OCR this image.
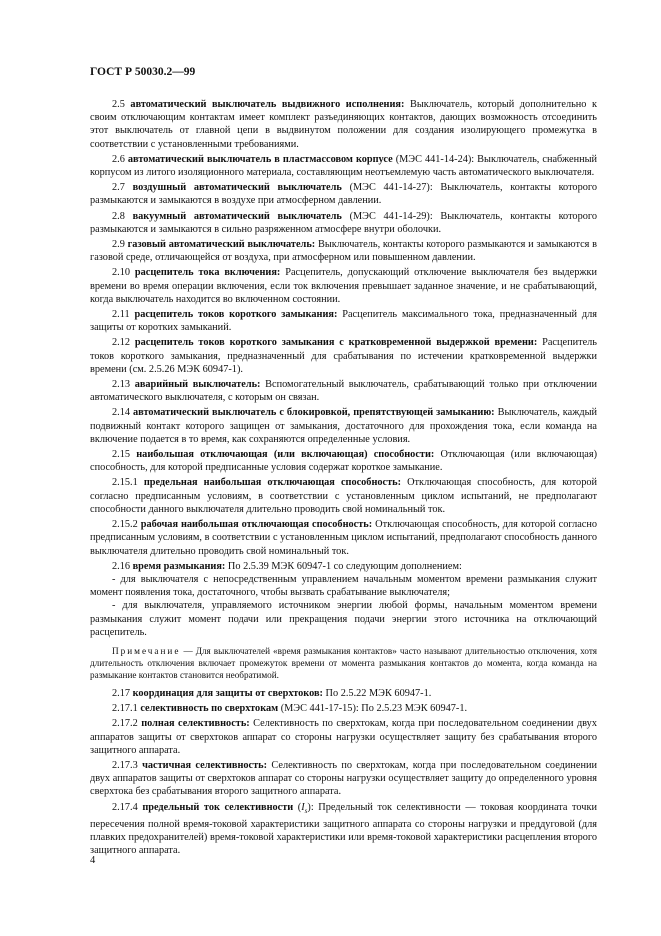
ГОСТ Р 50030.2—99

2.5 автоматический выключатель выдвижного исполнения: Выключатель, который дополнительно к своим отключающим контактам имеет комплект разъединяющих контактов, дающих возможность отсоединить этот выключатель от главной цепи в выдвинутом положении для создания изолирующего промежутка в соответствии с установленными требованиями.

2.6 автоматический выключатель в пластмассовом корпусе (МЭС 441-14-24): Выключатель, снабженный корпусом из литого изоляционного материала, составляющим неотъемлемую часть автоматического выключателя.

2.7 воздушный автоматический выключатель (МЭС 441-14-27): Выключатель, контакты которого размыкаются и замыкаются в воздухе при атмосферном давлении.

2.8 вакуумный автоматический выключатель (МЭС 441-14-29): Выключатель, контакты которого размыкаются и замыкаются в сильно разряженном атмосфере внутри оболочки.

2.9 газовый автоматический выключатель: Выключатель, контакты которого размыкаются и замыкаются в газовой среде, отличающейся от воздуха, при атмосферном или повышенном давлении.

2.10 расцепитель тока включения: Расцепитель, допускающий отключение выключателя без выдержки времени во время операции включения, если ток включения превышает заданное значение, и не срабатывающий, когда выключатель находится во включенном состоянии.

2.11 расцепитель токов короткого замыкания: Расцепитель максимального тока, предназначенный для защиты от коротких замыканий.

2.12 расцепитель токов короткого замыкания с кратковременной выдержкой времени: Расцепитель токов короткого замыкания, предназначенный для срабатывания по истечении кратковременной выдержки времени (см. 2.5.26 МЭК 60947-1).

2.13 аварийный выключатель: Вспомогательный выключатель, срабатывающий только при отключении автоматического выключателя, с которым он связан.

2.14 автоматический выключатель с блокировкой, препятствующей замыканию: Выключатель, каждый подвижный контакт которого защищен от замыкания, достаточного для прохождения тока, если команда на включение подается в то время, как сохраняются определенные условия.

2.15 наибольшая отключающая (или включающая) способности: Отключающая (или включающая) способность, для которой предписанные условия содержат короткое замыкание.

2.15.1 предельная наибольшая отключающая способность: Отключающая способность, для которой согласно предписанным условиям, в соответствии с установленным циклом испытаний, не предполагают способности данного выключателя длительно проводить свой номинальный ток.

2.15.2 рабочая наибольшая отключающая способность: Отключающая способность, для которой согласно предписанным условиям, в соответствии с установленным циклом испытаний, предполагают способность данного выключателя длительно проводить свой номинальный ток.

2.16 время размыкания: По 2.5.39 МЭК 60947-1 со следующим дополнением:

- для выключателя с непосредственным управлением начальным моментом времени размыкания служит момент появления тока, достаточного, чтобы вызвать срабатывание выключателя;

- для выключателя, управляемого источником энергии любой формы, начальным моментом времени размыкания служит момент подачи или прекращения подачи энергии этого источника на отключающий расцепитель.

Примечание — Для выключателей «время размыкания контактов» часто называют длительностью отключения, хотя длительность отключения включает промежуток времени от момента размыкания контактов до момента, когда команда на размыкание контактов становится необратимой.

2.17 координация для защиты от сверхтоков: По 2.5.22 МЭК 60947-1.

2.17.1 селективность по сверхтокам (МЭС 441-17-15): По 2.5.23 МЭК 60947-1.

2.17.2 полная селективность: Селективность по сверхтокам, когда при последовательном соединении двух аппаратов защиты от сверхтоков аппарат со стороны нагрузки осуществляет защиту без срабатывания второго защитного аппарата.

2.17.3 частичная селективность: Селективность по сверхтокам, когда при последовательном соединении двух аппаратов защиты от сверхтоков аппарат со стороны нагрузки осуществляет защиту до определенного уровня сверхтока без срабатывания второго защитного аппарата.

2.17.4 предельный ток селективности $(I_s)$: Предельный ток селективности — токовая координата точки пересечения полной время-токовой характеристики защитного аппарата со стороны нагрузки и преддуговой (для плавких предохранителей) время-токовой характеристики или время-токовой характеристики расцепления второго защитного аппарата.

4
